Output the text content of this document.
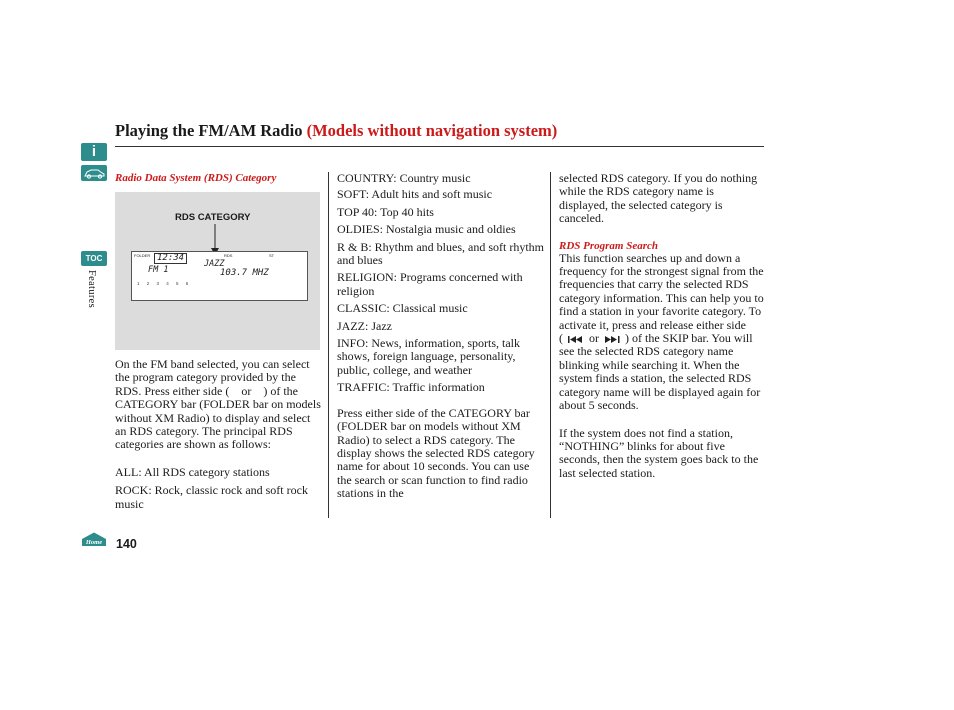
Playing the FM/AM Radio (Models without navigation system)
i
TOC
Features
Home 140
Radio Data System (RDS) Category
RDS CATEGORY
FOLDER	RDS	ST
12:34
FM 1
JAZZ
103.7 MHZ
1 2 3 4 5 6

On the FM band selected, you can select the program category provided by the RDS. Press either side ( or ) of the CATEGORY bar (FOLDER bar on models without XM Radio) to display and select an RDS category. The principal RDS categories are shown as follows:

ALL: All RDS category stations

ROCK: Rock, classic rock and soft rock music

COUNTRY: Country music

SOFT: Adult hits and soft music

TOP 40: Top 40 hits

OLDIES: Nostalgia music and oldies

R & B: Rhythm and blues, and soft rhythm and blues

RELIGION: Programs concerned with religion

CLASSIC: Classical music

JAZZ: Jazz

INFO: News, information, sports, talk shows, foreign language, personality, public, college, and weather

TRAFFIC: Traffic information

Press either side of the CATEGORY bar (FOLDER bar on models without XM Radio) to select a RDS category. The display shows the selected RDS category name for about 10 seconds. You can use the search or scan function to find radio stations in the

selected RDS category. If you do nothing while the RDS category name is displayed, the selected category is canceled.

RDS Program Search

This function searches up and down a frequency for the strongest signal from the frequencies that carry the selected RDS category information. This can help you to find a station in your favorite category. To activate it, press and release either side
( or ) of the SKIP bar. You will see the selected RDS category name blinking while searching it. When the system finds a station, the selected RDS category name will be displayed again for about 5 seconds.

If the system does not find a station, “NOTHING” blinks for about five seconds, then the system goes back to the last selected station.
